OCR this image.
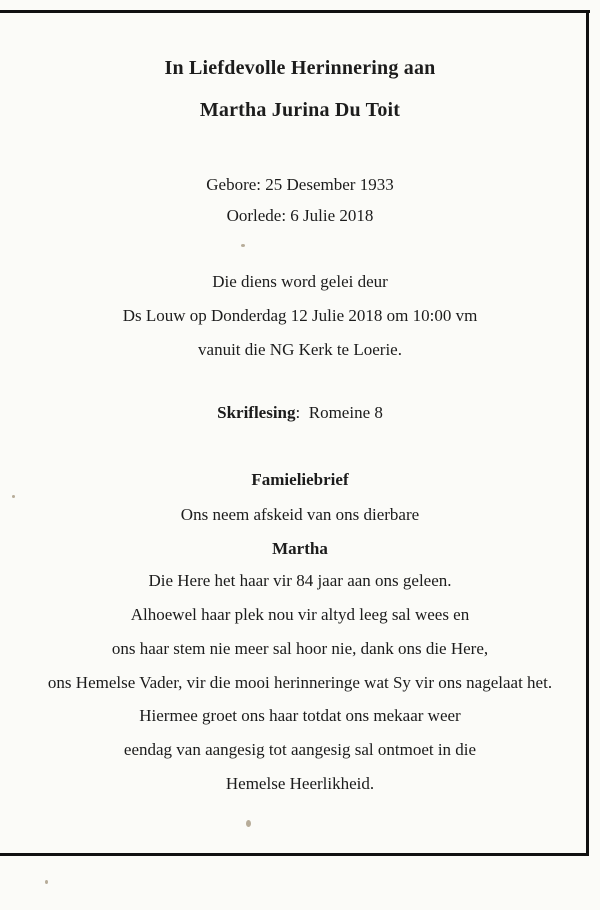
In Liefdevolle Herinnering aan
Martha Jurina Du Toit
Gebore: 25 Desember 1933
Oorlede: 6 Julie 2018
Die diens word gelei deur
Ds Louw op Donderdag 12 Julie 2018 om 10:00 vm
vanuit die NG Kerk te Loerie.
Skriflesing: Romeine 8
Famieliebrief
Ons neem afskeid van ons dierbare
Martha
Die Here het haar vir 84 jaar aan ons geleen.
Alhoewel haar plek nou vir altyd leeg sal wees en
ons haar stem nie meer sal hoor nie, dank ons die Here,
ons Hemelse Vader, vir die mooi herinneringe wat Sy vir ons nagelaat het.
Hiermee groet ons haar totdat ons mekaar weer
eendag van aangesig tot aangesig sal ontmoet in die
Hemelse Heerlikheid.
